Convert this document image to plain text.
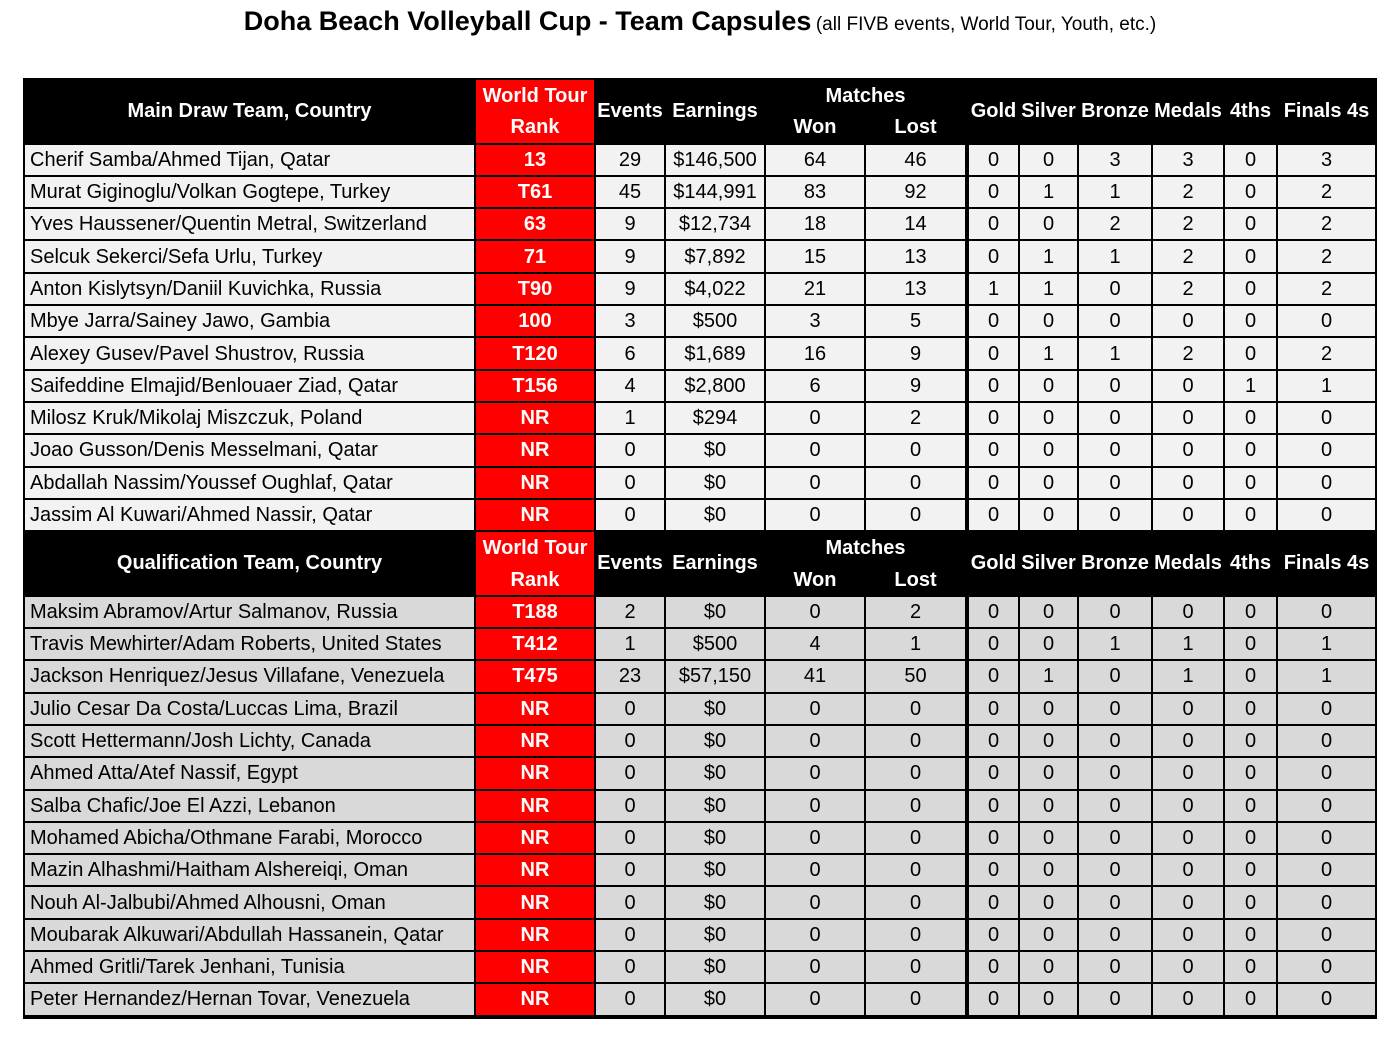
Doha Beach Volleyball Cup - Team Capsules (all FIVB events, World Tour, Youth, etc.)
Main Draw Team, Country	World Tour	Events	Earnings	Matches		Gold	Silver	Bronze	Medals	4ths	Finals 4s
	Rank			Won	Lost						
Cherif Samba/Ahmed Tijan, Qatar	13	29	$146,500	64	46	0	0	3	3	0	3
Murat Giginoglu/Volkan Gogtepe, Turkey	T61	45	$144,991	83	92	0	1	1	2	0	2
Yves Haussener/Quentin Metral, Switzerland	63	9	$12,734	18	14	0	0	2	2	0	2
Selcuk Sekerci/Sefa Urlu, Turkey	71	9	$7,892	15	13	0	1	1	2	0	2
Anton Kislytsyn/Daniil Kuvichka, Russia	T90	9	$4,022	21	13	1	1	0	2	0	2
Mbye Jarra/Sainey Jawo, Gambia	100	3	$500	3	5	0	0	0	0	0	0
Alexey Gusev/Pavel Shustrov, Russia	T120	6	$1,689	16	9	0	1	1	2	0	2
Saifeddine Elmajid/Benlouaer Ziad, Qatar	T156	4	$2,800	6	9	0	0	0	0	1	1
Milosz Kruk/Mikolaj Miszczuk, Poland	NR	1	$294	0	2	0	0	0	0	0	0
Joao Gusson/Denis Messelmani, Qatar	NR	0	$0	0	0	0	0	0	0	0	0
Abdallah Nassim/Youssef Oughlaf, Qatar	NR	0	$0	0	0	0	0	0	0	0	0
Jassim Al Kuwari/Ahmed Nassir, Qatar	NR	0	$0	0	0	0	0	0	0	0	0
Qualification Team, Country	World Tour	Events	Earnings	Matches		Gold	Silver	Bronze	Medals	4ths	Finals 4s
	Rank			Won	Lost						
Maksim Abramov/Artur Salmanov, Russia	T188	2	$0	0	2	0	0	0	0	0	0
Travis Mewhirter/Adam Roberts, United States	T412	1	$500	4	1	0	0	1	1	0	1
Jackson Henriquez/Jesus Villafane, Venezuela	T475	23	$57,150	41	50	0	1	0	1	0	1
Julio Cesar Da Costa/Luccas Lima, Brazil	NR	0	$0	0	0	0	0	0	0	0	0
Scott Hettermann/Josh Lichty, Canada	NR	0	$0	0	0	0	0	0	0	0	0
Ahmed Atta/Atef Nassif, Egypt	NR	0	$0	0	0	0	0	0	0	0	0
Salba Chafic/Joe El Azzi, Lebanon	NR	0	$0	0	0	0	0	0	0	0	0
Mohamed Abicha/Othmane Farabi, Morocco	NR	0	$0	0	0	0	0	0	0	0	0
Mazin Alhashmi/Haitham Alshereiqi, Oman	NR	0	$0	0	0	0	0	0	0	0	0
Nouh Al-Jalbubi/Ahmed Alhousni, Oman	NR	0	$0	0	0	0	0	0	0	0	0
Moubarak Alkuwari/Abdullah Hassanein, Qatar	NR	0	$0	0	0	0	0	0	0	0	0
Ahmed Gritli/Tarek Jenhani, Tunisia	NR	0	$0	0	0	0	0	0	0	0	0
Peter Hernandez/Hernan Tovar, Venezuela	NR	0	$0	0	0	0	0	0	0	0	0
